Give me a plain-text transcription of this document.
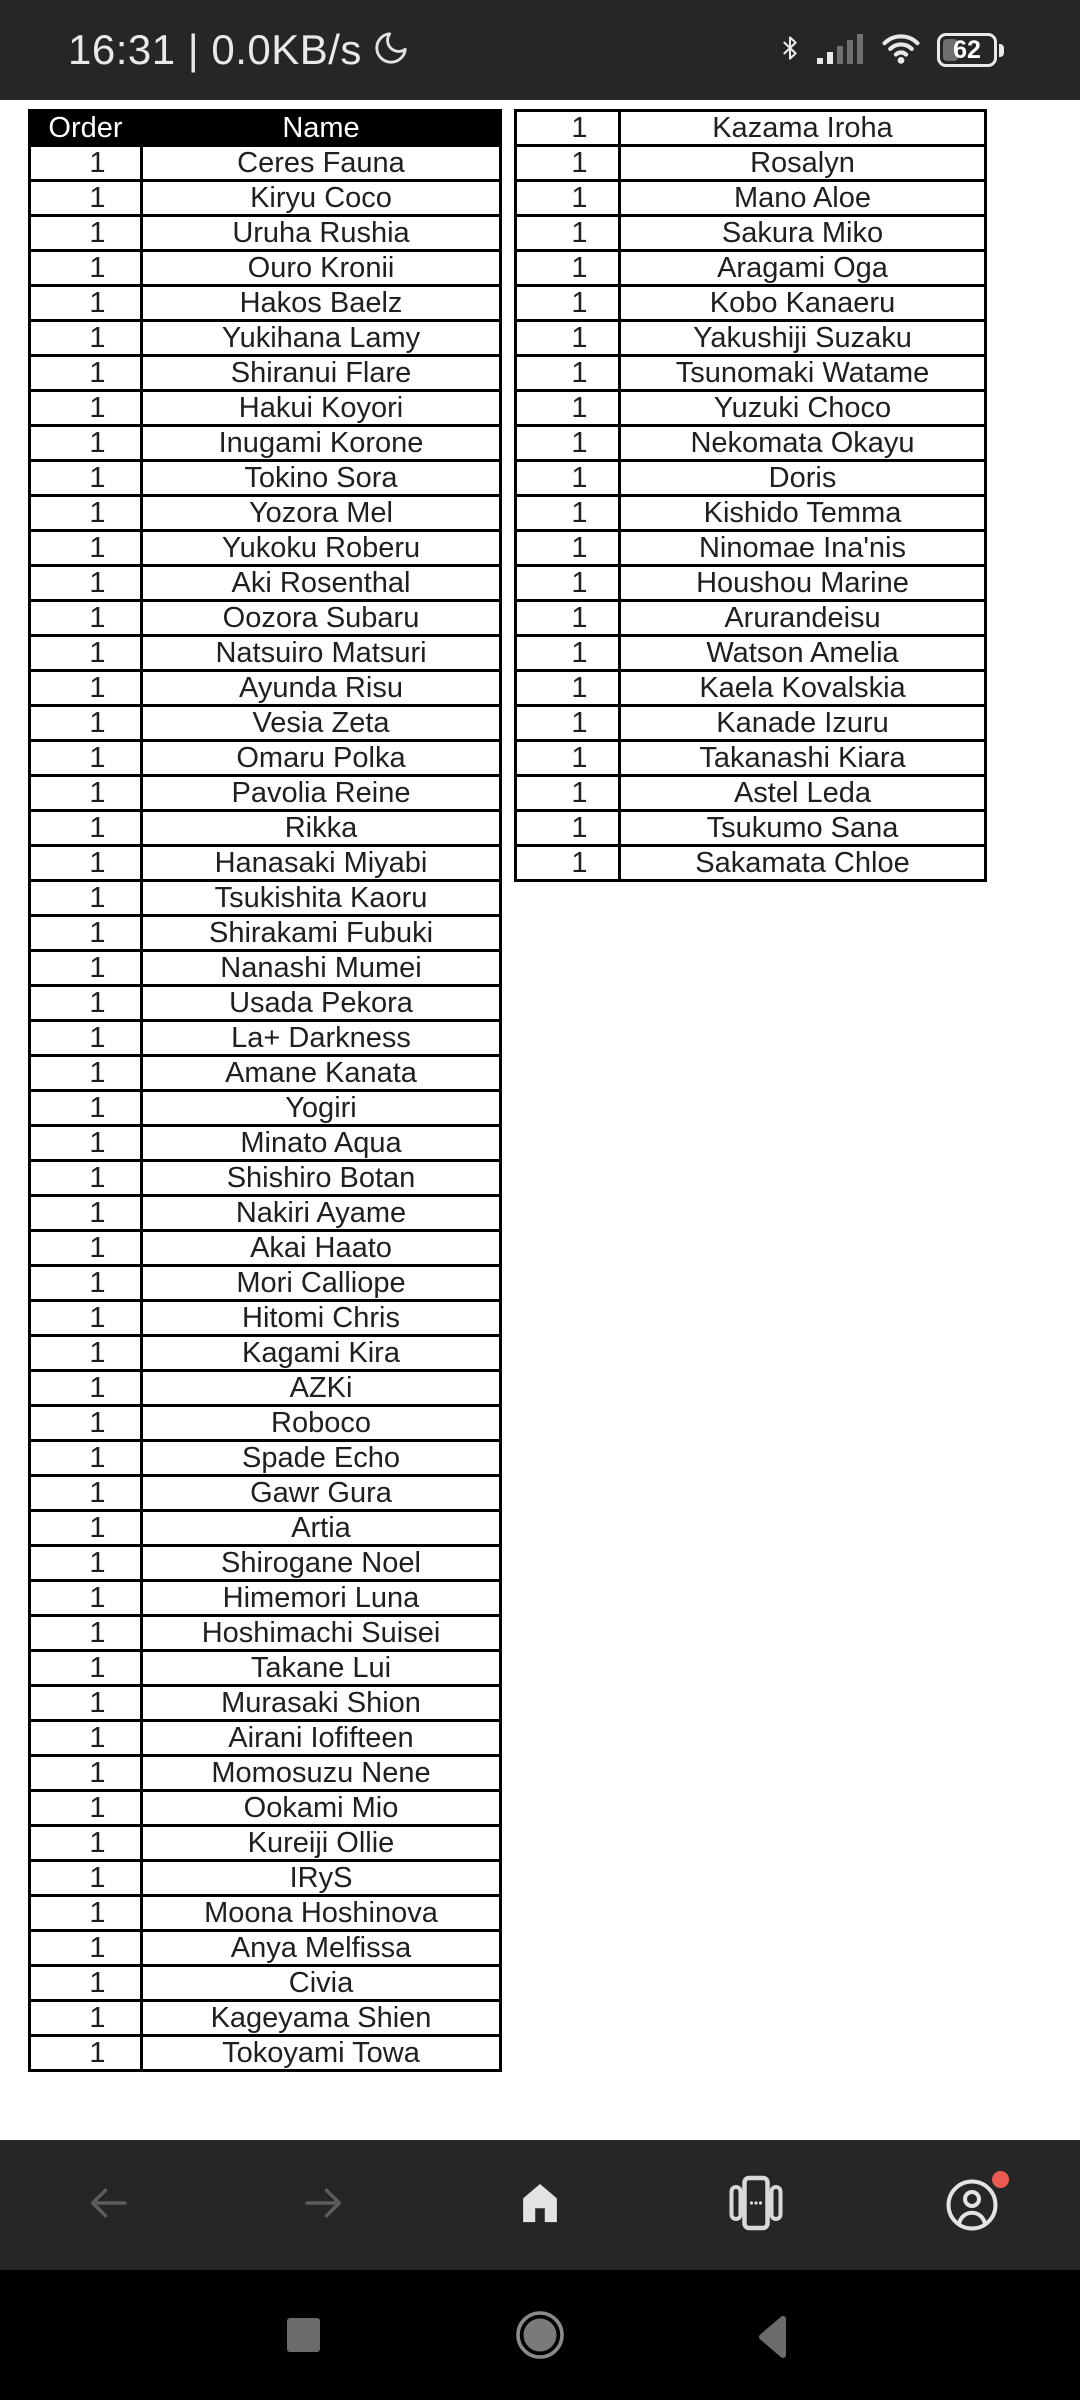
16:31 | 0.0KB/s	62
Order	Name
1	Ceres Fauna
1	Kiryu Coco
1	Uruha Rushia
1	Ouro Kronii
1	Hakos Baelz
1	Yukihana Lamy
1	Shiranui Flare
1	Hakui Koyori
1	Inugami Korone
1	Tokino Sora
1	Yozora Mel
1	Yukoku Roberu
1	Aki Rosenthal
1	Oozora Subaru
1	Natsuiro Matsuri
1	Ayunda Risu
1	Vesia Zeta
1	Omaru Polka
1	Pavolia Reine
1	Rikka
1	Hanasaki Miyabi
1	Tsukishita Kaoru
1	Shirakami Fubuki
1	Nanashi Mumei
1	Usada Pekora
1	La+ Darkness
1	Amane Kanata
1	Yogiri
1	Minato Aqua
1	Shishiro Botan
1	Nakiri Ayame
1	Akai Haato
1	Mori Calliope
1	Hitomi Chris
1	Kagami Kira
1	AZKi
1	Roboco
1	Spade Echo
1	Gawr Gura
1	Artia
1	Shirogane Noel
1	Himemori Luna
1	Hoshimachi Suisei
1	Takane Lui
1	Murasaki Shion
1	Airani Iofifteen
1	Momosuzu Nene
1	Ookami Mio
1	Kureiji Ollie
1	IRyS
1	Moona Hoshinova
1	Anya Melfissa
1	Civia
1	Kageyama Shien
1	Tokoyami Towa
1	Kazama Iroha
1	Rosalyn
1	Mano Aloe
1	Sakura Miko
1	Aragami Oga
1	Kobo Kanaeru
1	Yakushiji Suzaku
1	Tsunomaki Watame
1	Yuzuki Choco
1	Nekomata Okayu
1	Doris
1	Kishido Temma
1	Ninomae Ina'nis
1	Houshou Marine
1	Arurandeisu
1	Watson Amelia
1	Kaela Kovalskia
1	Kanade Izuru
1	Takanashi Kiara
1	Astel Leda
1	Tsukumo Sana
1	Sakamata Chloe
